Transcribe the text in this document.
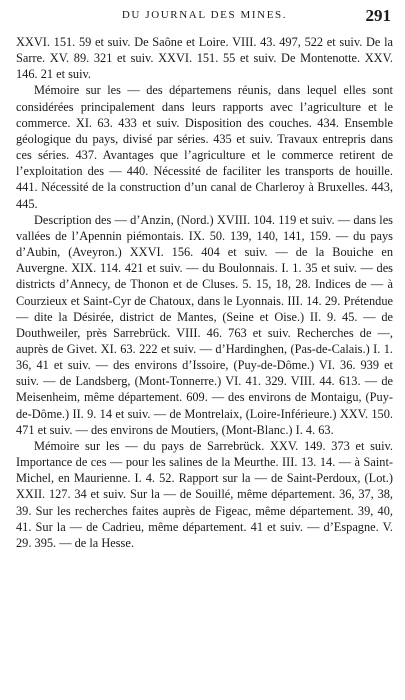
DU JOURNAL DES MINES.	291

XXVI. 151. 59 et suiv. De Saône et Loire. VIII. 43. 497, 522 et suiv. De la Sarre. XV. 89. 321 et suiv. XXVI. 151. 55 et suiv. De Montenotte. XXV. 146. 21 et suiv.

Mémoire sur les — des départemens réunis, dans lequel elles sont considérées principalement dans leurs rapports avec l’agriculture et le commerce. XI. 63. 433 et suiv. Disposition des couches. 434. Ensemble géologique du pays, divisé par séries. 435 et suiv. Travaux entrepris dans ces séries. 437. Avantages que l’agriculture et le commerce retirent de l’exploitation des — 440. Nécessité de faciliter les transports de houille. 441. Nécessité de la construction d’un canal de Charleroy à Bruxelles. 443, 445.

Description des — d’Anzin, (Nord.) XVIII. 104. 119 et suiv. — dans les vallées de l’Apennin piémontais. IX. 50. 139, 140, 141, 159. — du pays d’Aubin, (Aveyron.) XXVI. 156. 404 et suiv. — de la Bouiche en Auvergne. XIX. 114. 421 et suiv. — du Boulonnais. I. 1. 35 et suiv. — des districts d’Annecy, de Thonon et de Cluses. 5. 15, 18, 28. Indices de — à Courzieux et Saint-Cyr de Chatoux, dans le Lyonnais. III. 14. 29. Prétendue — dite la Désirée, district de Mantes, (Seine et Oise.) II. 9. 45. — de Douthweiler, près Sarrebrück. VIII. 46. 763 et suiv. Recherches de —, auprès de Givet. XI. 63. 222 et suiv. — d’Hardinghen, (Pas-de-Calais.) I. 1. 36, 41 et suiv. — des environs d’Issoire, (Puy-de-Dôme.) VI. 36. 939 et suiv. — de Landsberg, (Mont-Tonnerre.) VI. 41. 329. VIII. 44. 613. — de Meisenheim, même département. 609. — des environs de Montaigu, (Puy-de-Dôme.) II. 9. 14 et suiv. — de Montrelaix, (Loire-Inférieure.) XXV. 150. 471 et suiv. — des environs de Moutiers, (Mont-Blanc.) I. 4. 63.

Mémoire sur les — du pays de Sarrebrück. XXV. 149. 373 et suiv. Importance de ces — pour les salines de la Meurthe. III. 13. 14. — à Saint-Michel, en Maurienne. I. 4. 52. Rapport sur la — de Saint-Perdoux, (Lot.) XXII. 127. 34 et suiv. Sur la — de Souillé, même département. 36, 37, 38, 39. Sur les recherches faites auprès de Figeac, même département. 39, 40, 41. Sur la — de Cadrieu, même département. 41 et suiv. — d’Espagne. V. 29. 395. — de la Hesse.
